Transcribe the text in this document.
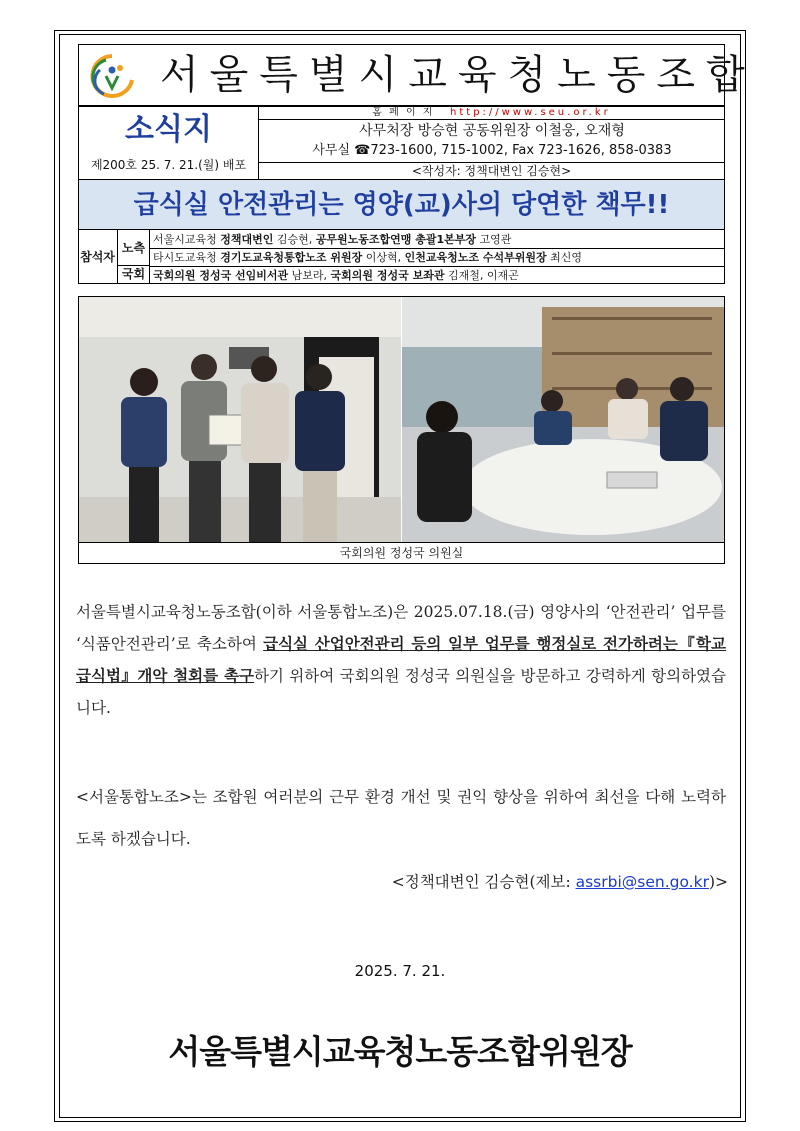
서울특별시교육청노동조합
소식지
제200호 25. 7. 21.(월) 배포
홈 페 이 지 http://www.seu.or.kr
사무처장 방승현 공동위원장 이철웅, 오재형
사무실 ☎723-1600, 715-1002, Fax 723-1626, 858-0383
<작성자: 정책대변인 김승현>
급식실 안전관리는 영양(교)사의 당연한 책무!!
참석자
노측
국회
서울시교육청 정책대변인 김승현, 공무원노동조합연맹 총괄1본부장 고영관
타시도교육청 경기도교육청통합노조 위원장 이상혁, 인천교육청노조 수석부위원장 최신영
국회의원 정성국 선임비서관 남보라, 국회의원 정성국 보좌관 김재철, 이재곤
국회의원 정성국 의원실

서울특별시교육청노동조합(이하 서울통합노조)은 2025.07.18.(금) 영양사의 ‘안전관리’ 업무를 ‘식품안전관리’로 축소하여 급식실 산업안전관리 등의 일부 업무를 행정실로 전가하려는『학교급식법』개악 철회를 촉구하기 위하여 국회의원 정성국 의원실을 방문하고 강력하게 항의하였습니다.

<서울통합노조>는 조합원 여러분의 근무 환경 개선 및 권익 향상을 위하여 최선을 다해 노력하도록 하겠습니다.
<정책대변인 김승현(제보: assrbi@sen.go.kr)>
2025. 7. 21.
서울특별시교육청노동조합위원장
